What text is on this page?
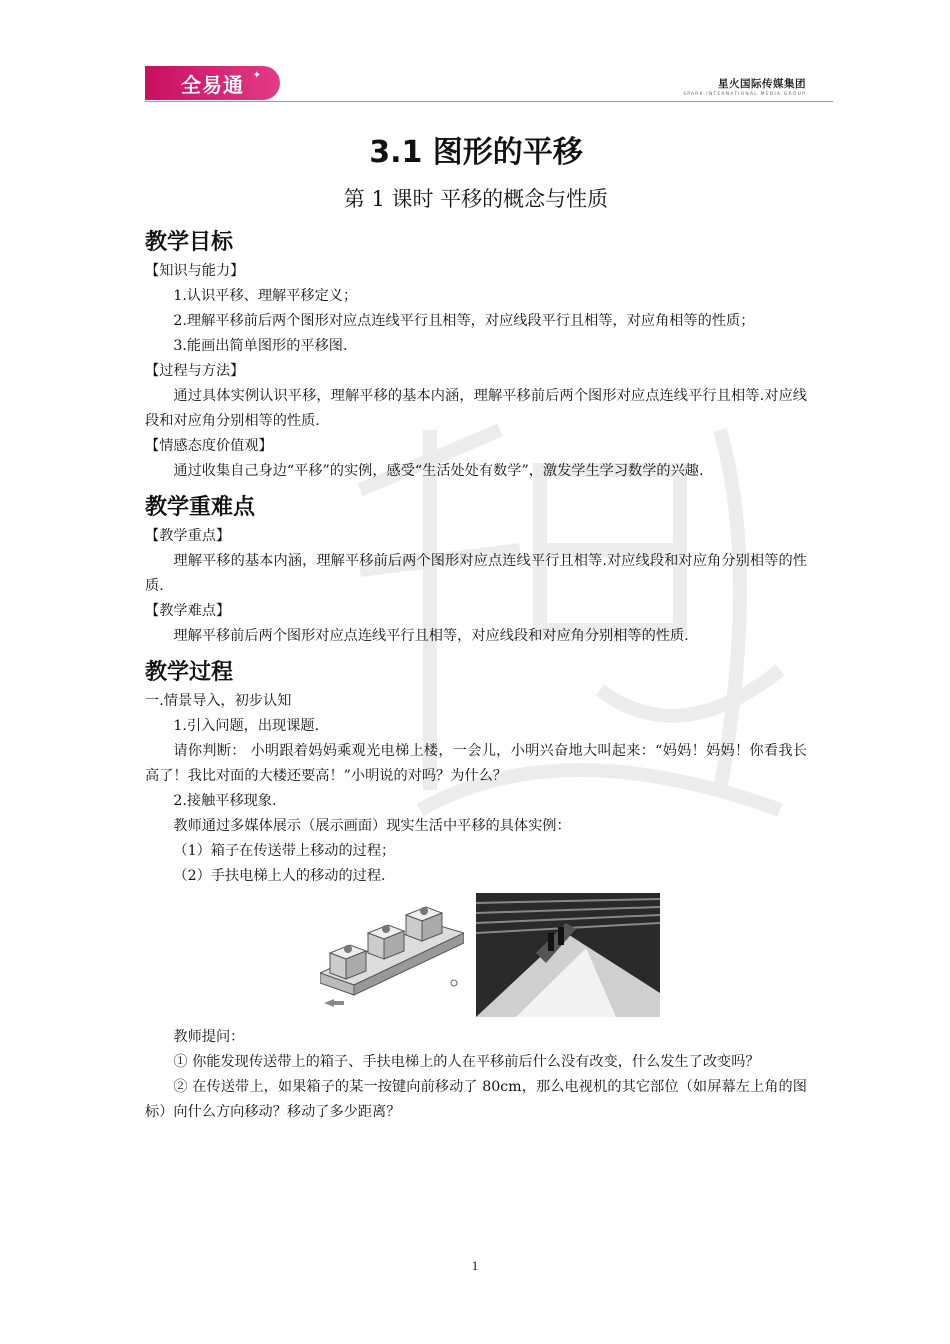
全易通 ✦
星火国际传媒集团
SPARK INTERNATIONAL MEDIA GROUP
3.1 图形的平移
第 1 课时 平移的概念与性质
教学目标

【知识与能力】

1.认识平移、理解平移定义；

2.理解平移前后两个图形对应点连线平行且相等，对应线段平行且相等，对应角相等的性质；

3.能画出简单图形的平移图.

【过程与方法】

通过具体实例认识平移，理解平移的基本内涵，理解平移前后两个图形对应点连线平行且相等.对应线段和对应角分别相等的性质.

【情感态度价值观】

通过收集自己身边“平移”的实例，感受“生活处处有数学”，激发学生学习数学的兴趣.

教学重难点

【教学重点】

理解平移的基本内涵，理解平移前后两个图形对应点连线平行且相等.对应线段和对应角分别相等的性质.

【教学难点】

理解平移前后两个图形对应点连线平行且相等，对应线段和对应角分别相等的性质.

教学过程

一.情景导入，初步认知

1.引入问题，出现课题.

请你判断： 小明跟着妈妈乘观光电梯上楼，一会儿，小明兴奋地大叫起来：“妈妈！妈妈！你看我长高了！我比对面的大楼还要高！”小明说的对吗？为什么？

2.接触平移现象.

教师通过多媒体展示（展示画面）现实生活中平移的具体实例：

（1）箱子在传送带上移动的过程；

（2）手扶电梯上人的移动的过程.

教师提问：

① 你能发现传送带上的箱子、手扶电梯上的人在平移前后什么没有改变，什么发生了改变吗？

② 在传送带上，如果箱子的某一按键向前移动了 80cm，那么电视机的其它部位（如屏幕左上角的图标）向什么方向移动？移动了多少距离？

1
